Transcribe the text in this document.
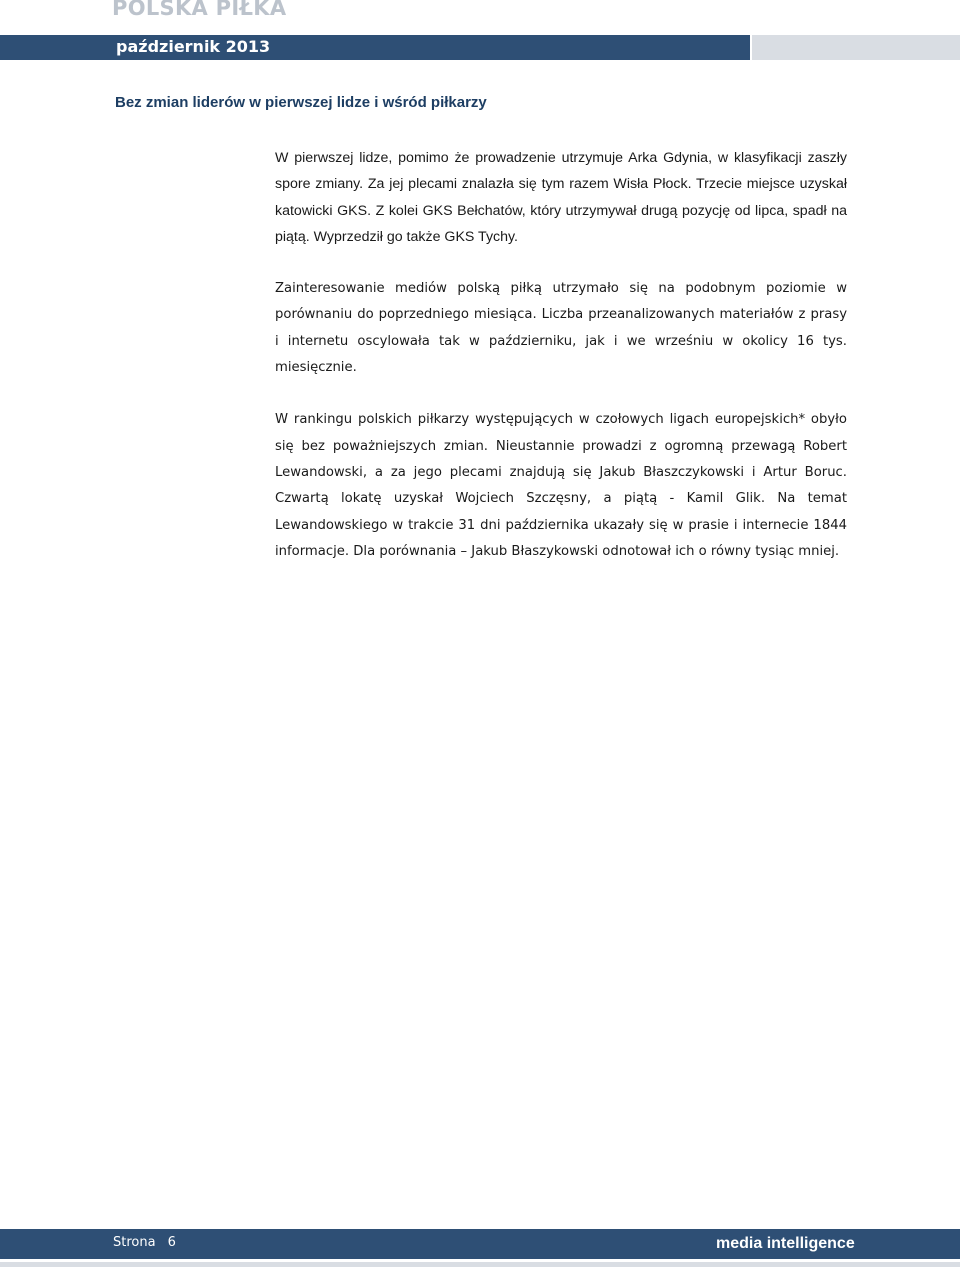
POLSKA PIŁKA
październik 2013
Bez zmian liderów w pierwszej lidze i wśród piłkarzy

W pierwszej lidze, pomimo że prowadzenie utrzymuje Arka Gdynia, w klasyfikacji zaszły spore zmiany. Za jej plecami znalazła się tym razem Wisła Płock. Trzecie miejsce uzyskał katowicki GKS. Z kolei GKS Bełchatów, który utrzymywał drugą pozycję od lipca, spadł na piątą. Wyprzedził go także GKS Tychy.

Zainteresowanie mediów polską piłką utrzymało się na podobnym poziomie w porównaniu do poprzedniego miesiąca. Liczba przeanalizowanych materiałów z prasy i internetu oscylowała tak w październiku, jak i we wrześniu w okolicy 16 tys. miesięcznie.

W rankingu polskich piłkarzy występujących w czołowych ligach europejskich* obyło się bez poważniejszych zmian. Nieustannie prowadzi z ogromną przewagą Robert Lewandowski, a za jego plecami znajdują się Jakub Błaszczykowski i Artur Boruc. Czwartą lokatę uzyskał Wojciech Szczęsny, a piątą - Kamil Glik. Na temat Lewandowskiego w trakcie 31 dni października ukazały się w prasie i internecie 1844 informacje. Dla porównania – Jakub Błaszykowski odnotował ich o równy tysiąc mniej.

Strona 6	media intelligence
